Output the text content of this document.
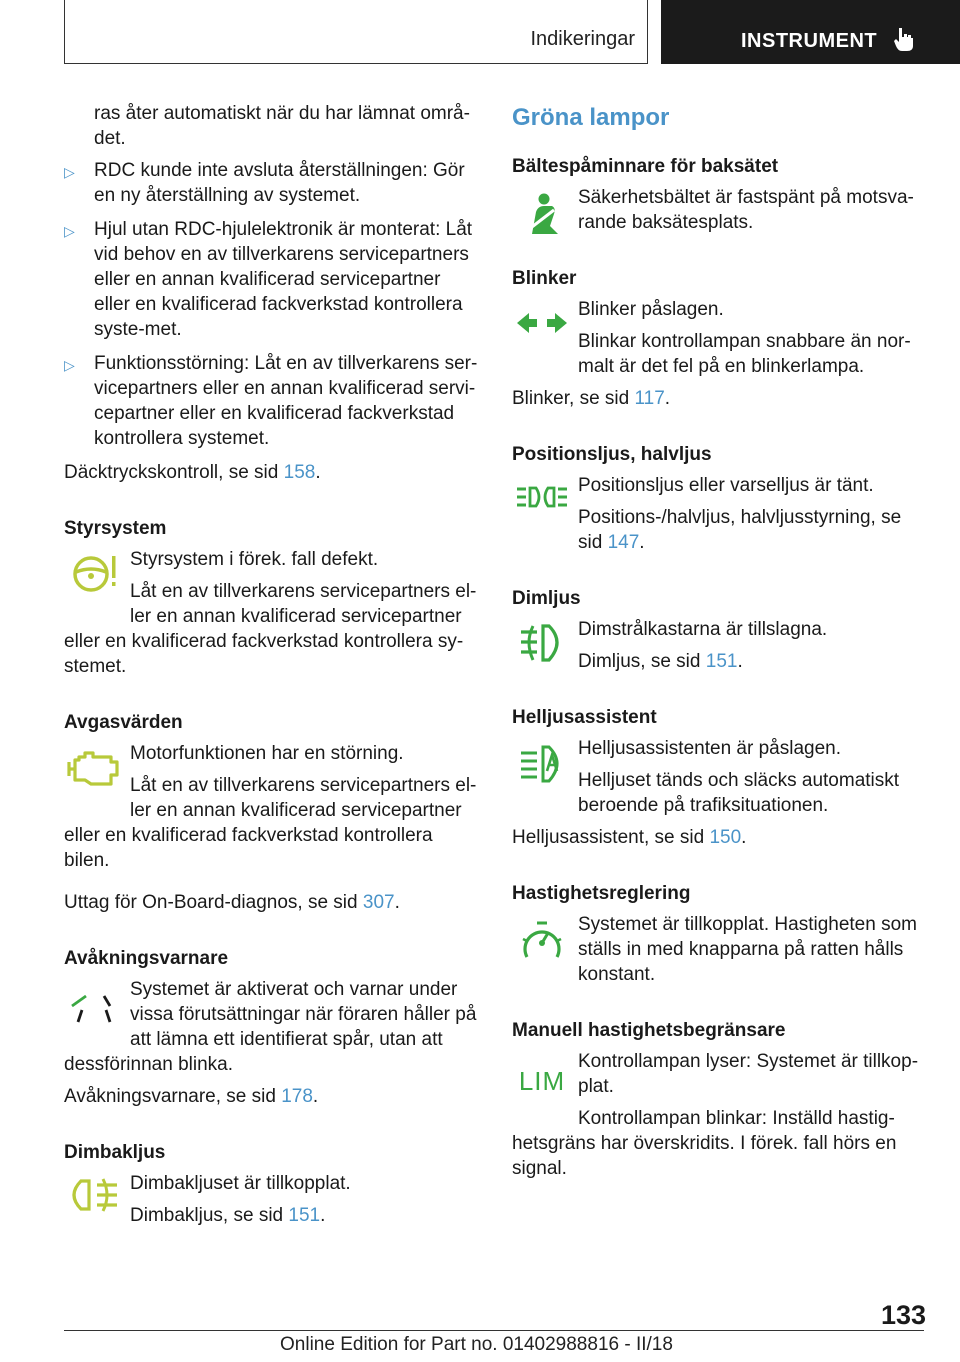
Indikeringar	INSTRUMENT

ras åter automatiskt när du har lämnat områ-det.

▷ RDC kunde inte avsluta återställningen: Gör en ny återställning av systemet.
▷ Hjul utan RDC-hjulelektronik är monterat: Låt vid behov en av tillverkarens servicepartners eller en annan kvalificerad servicepartner eller en kvalificerad fackverkstad kontrollera syste-met.
▷ Funktionsstörning: Låt en av tillverkarens ser-vicepartners eller en annan kvalificerad servi-cepartner eller en kvalificerad fackverkstad kontrollera systemet.

Däcktryckskontroll, se sid 158.

Styrsystem

Styrsystem i förek. fall defekt.

Låt en av tillverkarens servicepartners el-ler en annan kvalificerad servicepartner

eller en kvalificerad fackverkstad kontrollera sy-stemet.

Avgasvärden

Motorfunktionen har en störning.

Låt en av tillverkarens servicepartners el-ler en annan kvalificerad servicepartner

eller en kvalificerad fackverkstad kontrollera bilen.

Uttag för On-Board-diagnos, se sid 307.

Avåkningsvarnare

Systemet är aktiverat och varnar under vissa förutsättningar när föraren håller på att lämna ett identifierat spår, utan att

dessförinnan blinka.

Avåkningsvarnare, se sid 178.

Dimbakljus

Dimbakljuset är tillkopplat.

Dimbakljus, se sid 151.

Gröna lampor
Bältespåminnare för baksätet

Säkerhetsbältet är fastspänt på motsva-rande baksätesplats.

Blinker

Blinker påslagen.

Blinkar kontrollampan snabbare än nor-malt är det fel på en blinkerlampa.

Blinker, se sid 117.

Positionsljus, halvljus

Positionsljus eller varselljus är tänt.

Positions-/halvljus, halvljusstyrning, se sid 147.

Dimljus

Dimstrålkastarna är tillslagna.

Dimljus, se sid 151.

Helljusassistent

Helljusassistenten är påslagen.

Helljuset tänds och släcks automatiskt beroende på trafiksituationen.

Helljusassistent, se sid 150.

Hastighetsreglering

Systemet är tillkopplat. Hastigheten som ställs in med knapparna på ratten hålls konstant.

Manuell hastighetsbegränsare
LIM

Kontrollampan lyser: Systemet är tillkop-plat.

Kontrollampan blinkar: Inställd hastig-

hetsgräns har överskridits. I förek. fall hörs en signal.

133
Online Edition for Part no. 01402988816 - II/18
